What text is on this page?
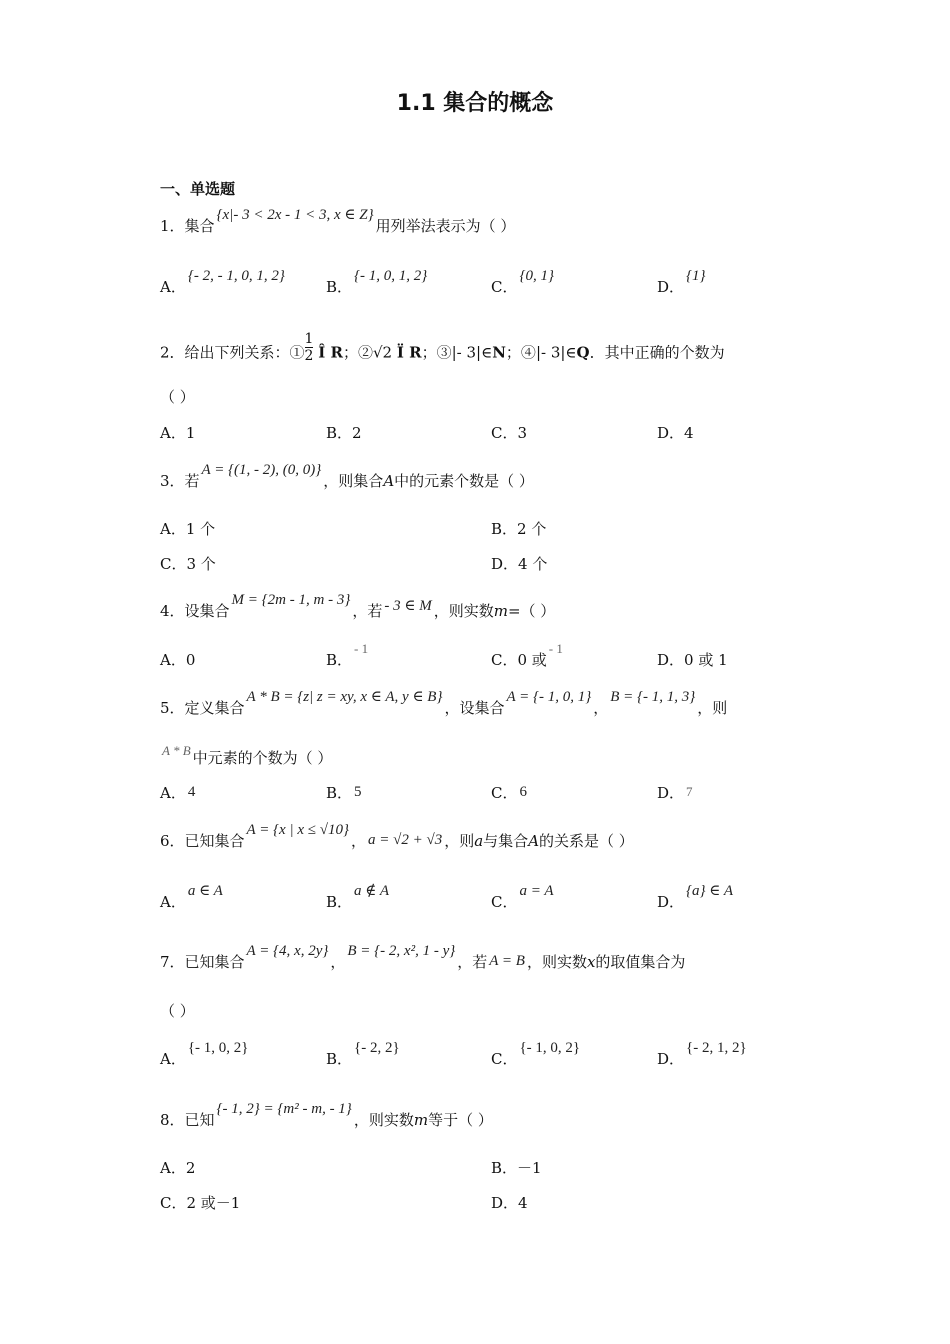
1.1 集合的概念
一、单选题
1．集合{x|- 3 < 2x - 1 < 3, x ∈ Z}用列举法表示为（ ）
A．{- 2, - 1, 0, 1, 2}
B．{- 1, 0, 1, 2}
C．{0, 1}
D．{1}
2．给出下列关系：① $\frac{1}{2}$ Î R；②√2 Ï R；③|- 3|∈N；④|- 3|∈Q．其中正确的个数为
（ ）
A．1	B．2	C．3	D．4
3．若A = {(1, - 2), (0, 0)}，则集合A中的元素个数是（ ）
A．1 个	B．2 个
C．3 个	D．4 个
4．设集合M = {2m - 1, m - 3}，若 - 3 ∈ M ，则实数m=（ ）
A．0	B．- 1
C．0 或- 1
D．0 或 1
5．定义集合A * B = {z| z = xy, x ∈ A, y ∈ B}，设集合A = {- 1, 0, 1}，B = {- 1, 1, 3}，则
A * B 中元素的个数为（ ）
A． 4	B． 5	C． 6	D． 7
6．已知集合A = {x | x ≤ √10}， a = √2 + √3 ，则a与集合A的关系是（ ）
A．a ∈ A
B．a ∉ A
C．a = A
D．{a} ∈ A
7．已知集合A = {4, x, 2y}，B = {- 2, x², 1 - y}，若 A = B ，则实数x的取值集合为
（ ）
A．{- 1, 0, 2}
B．{- 2, 2}
C．{- 1, 0, 2}
D．{- 2, 1, 2}
8．已知{- 1, 2} = {m² - m, - 1}，则实数m等于（ ）
A．2	B．－1
C．2 或－1	D．4
